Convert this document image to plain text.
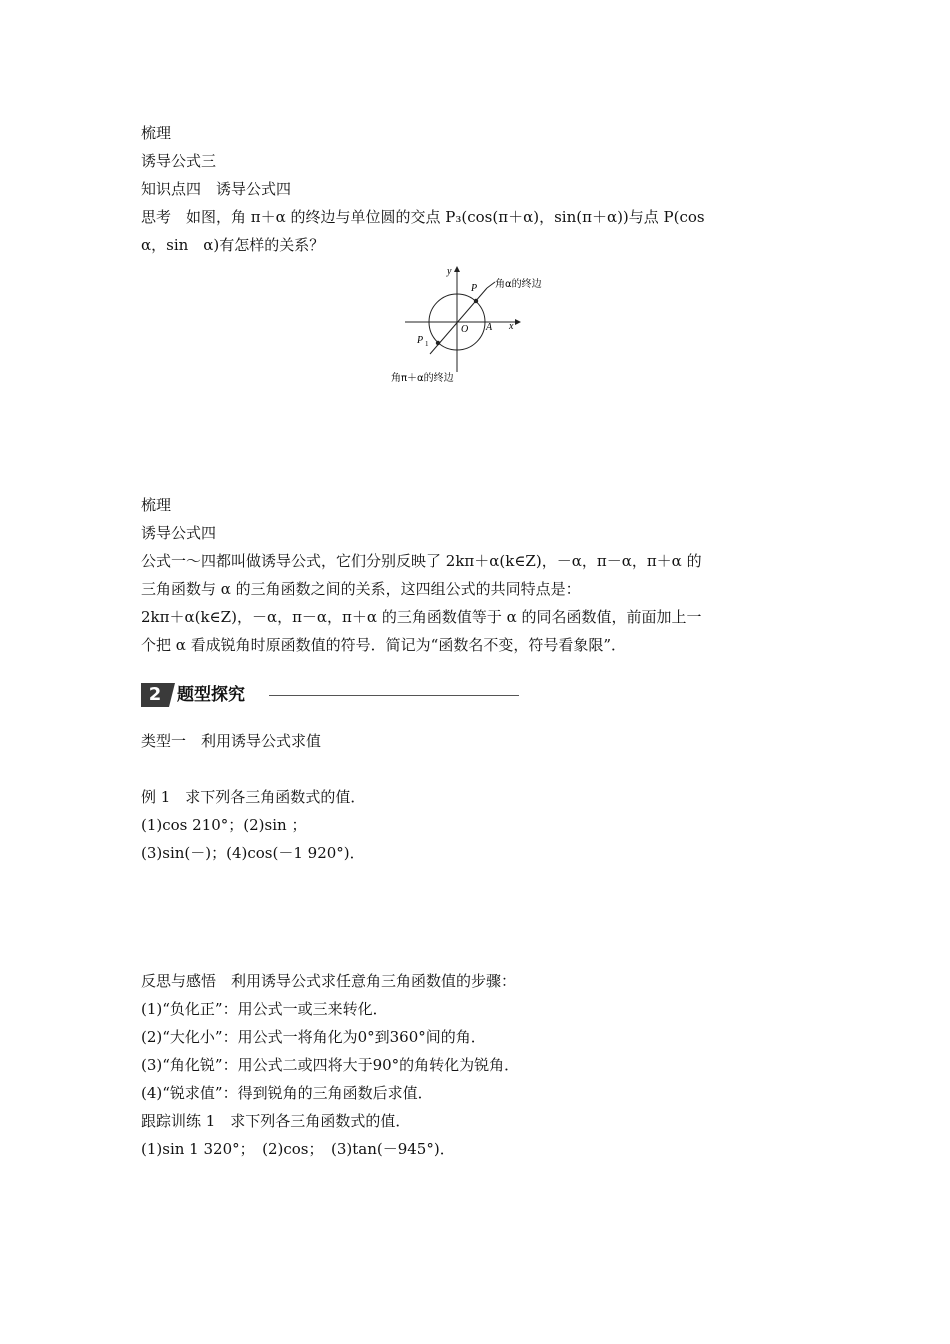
梳理
诱导公式三
知识点四　诱导公式四
思考　如图，角 π＋α 的终边与单位圆的交点 P₃(cos(π＋α)，sin(π＋α))与点 P(cos
α，sin　α)有怎样的关系？
y
x
P
O A
P 1
角α的终边
角π＋α的终边
梳理
诱导公式四
公式一～四都叫做诱导公式，它们分别反映了 2kπ＋α(k∈Z)，－α，π－α，π＋α 的
三角函数与 α 的三角函数之间的关系，这四组公式的共同特点是：
2kπ＋α(k∈Z)，－α，π－α，π＋α 的三角函数值等于 α 的同名函数值，前面加上一
个把 α 看成锐角时原函数值的符号．简记为“函数名不变，符号看象限”．
2 题型探究
类型一　利用诱导公式求值
例 1　求下列各三角函数式的值．
(1)cos 210°；(2)sin ；
(3)sin(－)；(4)cos(－1 920°)．
反思与感悟　利用诱导公式求任意角三角函数值的步骤：
(1)“负化正”：用公式一或三来转化．
(2)“大化小”：用公式一将角化为0°到360°间的角．
(3)“角化锐”：用公式二或四将大于90°的角转化为锐角．
(4)“锐求值”：得到锐角的三角函数后求值．
跟踪训练 1　求下列各三角函数式的值．
(1)sin 1 320°；　(2)cos；　(3)tan(－945°)．
